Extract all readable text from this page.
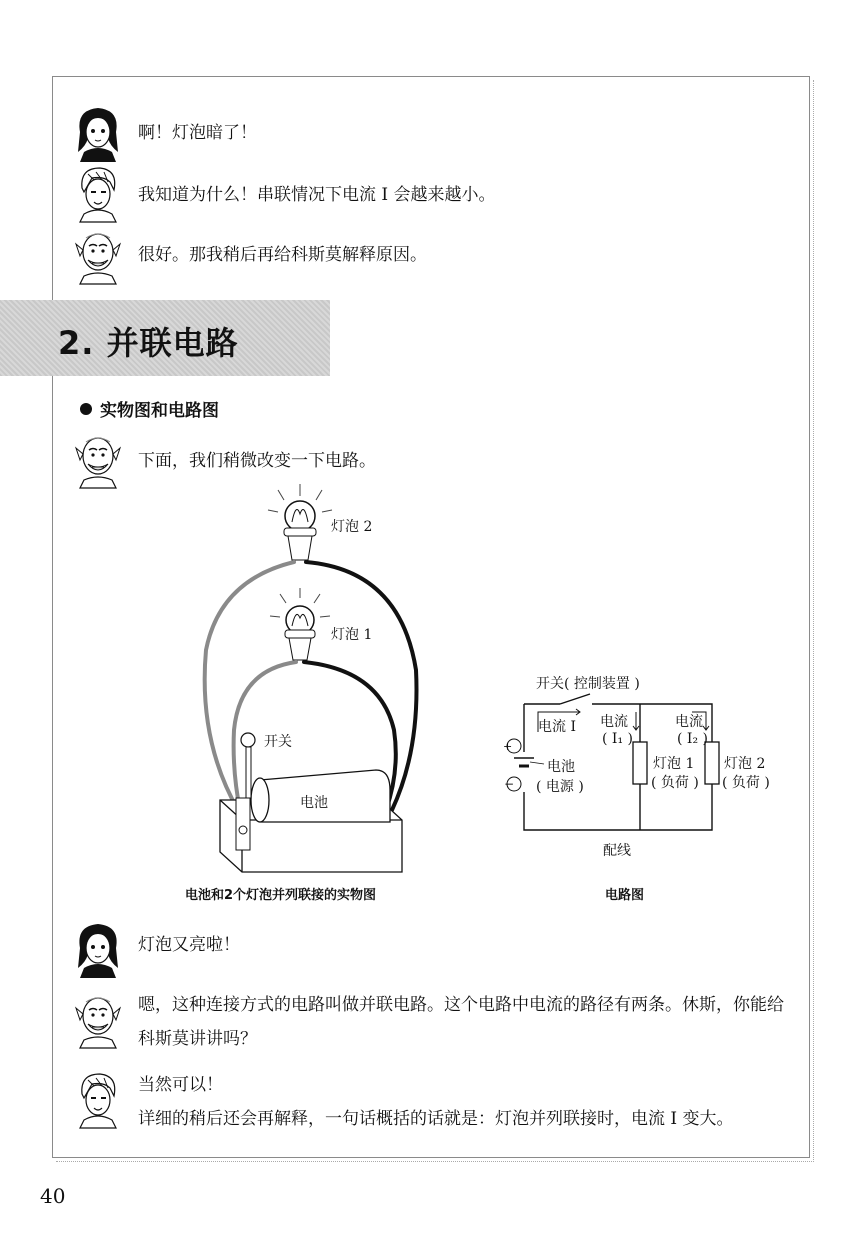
啊！灯泡暗了！
我知道为什么！串联情况下电流 I 会越来越小。
很好。那我稍后再给科斯莫解释原因。
2. 并联电路
实物图和电路图
下面，我们稍微改变一下电路。
灯泡 2
灯泡 1
开关
电池
电池和2个灯泡并列联接的实物图
+
−
开关( 控制装置 )
电流 I 电流
( I₁ )
电流
( I₂ )
电池
( 电源 )
灯泡 1
( 负荷 )
灯泡 2
( 负荷 )
配线
电路图
灯泡又亮啦！
嗯，这种连接方式的电路叫做并联电路。这个电路中电流的路径有两条。休斯，你能给科斯莫讲讲吗？
当然可以！
详细的稍后还会再解释，一句话概括的话就是：灯泡并列联接时，电流 I 变大。
40
